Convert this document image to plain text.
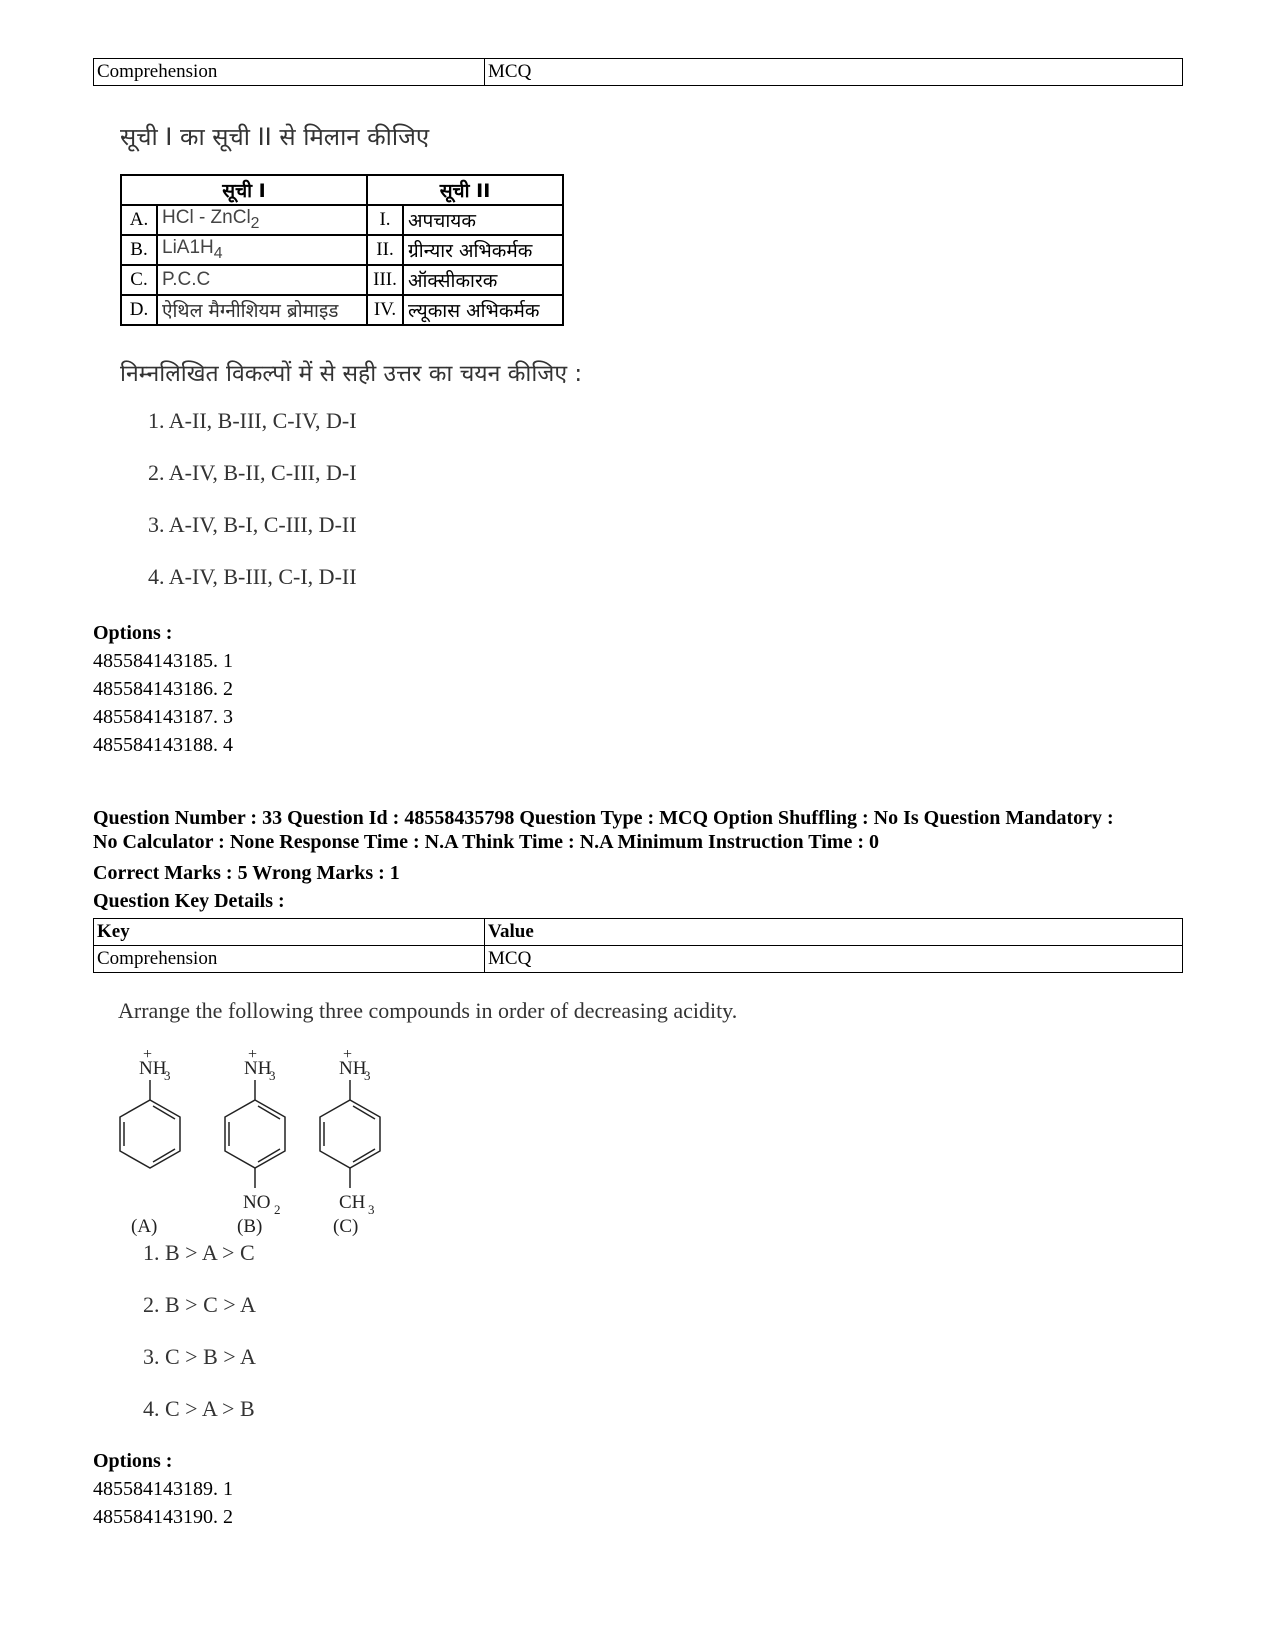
Comprehension	MCQ
सूची I का सूची II से मिलान कीजिए
सूची I		सूची II	
A.	HCl - ZnCl$_2$	I.	अपचायक
B.	$LiA1H_4$	II.	ग्रीन्यार अभिकर्मक
C.	P.C.C	III.	ऑक्सीकारक
D.	ऐथिल मैग्नीशियम ब्रोमाइड	IV.	ल्यूकास अभिकर्मक
निम्नलिखित विकल्पों में से सही उत्तर का चयन कीजिए :
1. A-II, B-III, C-IV, D-I
2. A-IV, B-II, C-III, D-I
3. A-IV, B-I, C-III, D-II
4. A-IV, B-III, C-I, D-II
Options :
485584143185. 1
485584143186. 2
485584143187. 3
485584143188. 4
Question Number : 33 Question Id : 48558435798 Question Type : MCQ Option Shuffling : No Is Question Mandatory :
No Calculator : None Response Time : N.A Think Time : N.A Minimum Instruction Time : 0
Correct Marks : 5 Wrong Marks : 1
Question Key Details :
Key	Value
Comprehension	MCQ
Arrange the following three compounds in order of decreasing acidity.
+
NH
3
(A)
+
NH
3
NO 2
(B)
+
NH
3
CH 3
(C)
1. B > A > C
2. B > C > A
3. C > B > A
4. C > A > B
Options :
485584143189. 1
485584143190. 2
